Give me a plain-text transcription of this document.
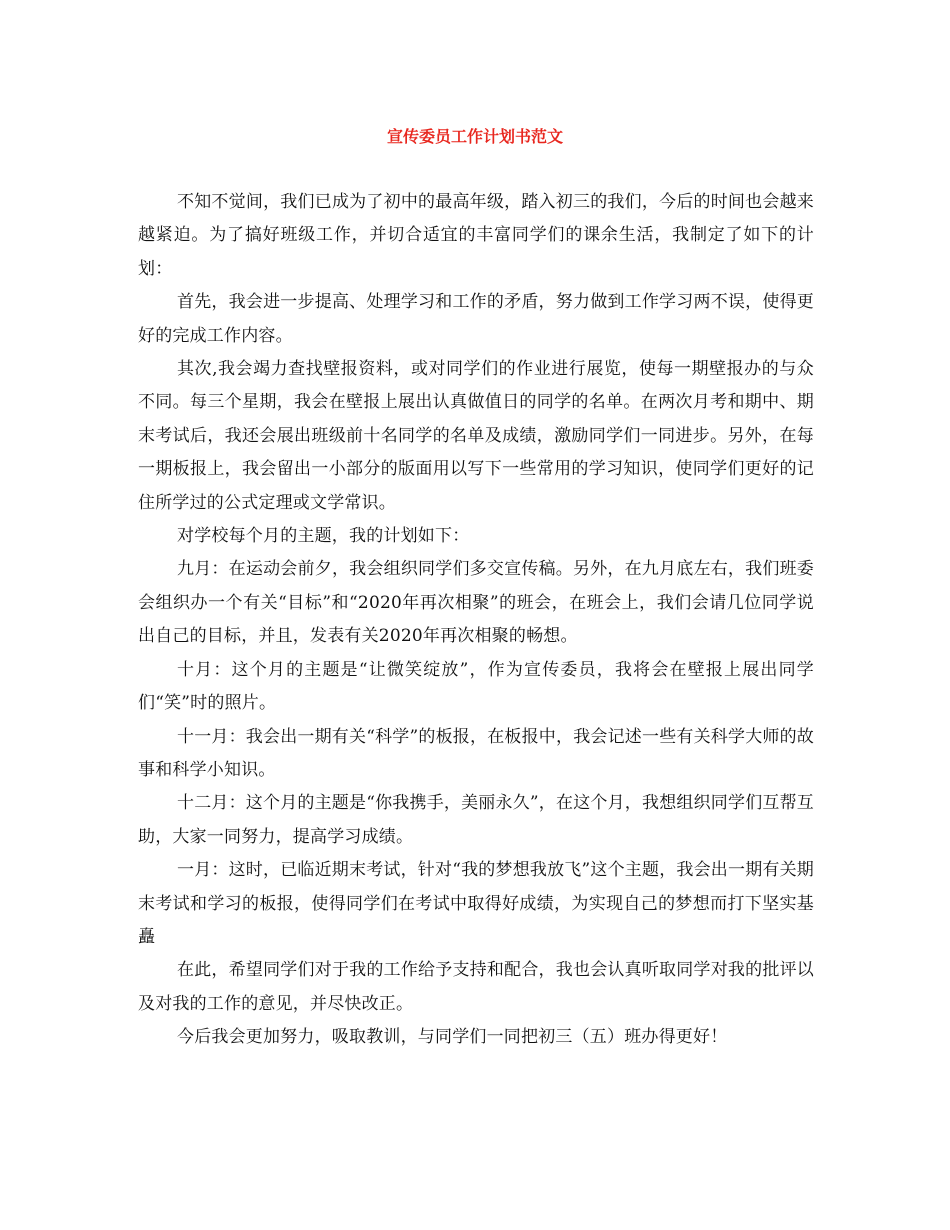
宣传委员工作计划书范文

不知不觉间，我们已成为了初中的最高年级，踏入初三的我们，今后的时间也会越来越紧迫。为了搞好班级工作，并切合适宜的丰富同学们的课余生活，我制定了如下的计划：

首先，我会进一步提高、处理学习和工作的矛盾，努力做到工作学习两不误，使得更好的完成工作内容。

其次,我会竭力查找壁报资料，或对同学们的作业进行展览，使每一期壁报办的与众不同。每三个星期，我会在壁报上展出认真做值日的同学的名单。在两次月考和期中、期末考试后，我还会展出班级前十名同学的名单及成绩，激励同学们一同进步。另外，在每一期板报上，我会留出一小部分的版面用以写下一些常用的学习知识，使同学们更好的记住所学过的公式定理或文学常识。

对学校每个月的主题，我的计划如下：

九月：在运动会前夕，我会组织同学们多交宣传稿。另外，在九月底左右，我们班委会组织办一个有关“目标”和“2020年再次相聚”的班会，在班会上，我们会请几位同学说出自己的目标，并且，发表有关2020年再次相聚的畅想。

十月：这个月的主题是“让微笑绽放”，作为宣传委员，我将会在壁报上展出同学们“笑”时的照片。

十一月：我会出一期有关“科学”的板报，在板报中，我会记述一些有关科学大师的故事和科学小知识。

十二月：这个月的主题是“你我携手，美丽永久”，在这个月，我想组织同学们互帮互助，大家一同努力，提高学习成绩。

一月：这时，已临近期末考试，针对“我的梦想我放飞”这个主题，我会出一期有关期末考试和学习的板报，使得同学们在考试中取得好成绩，为实现自己的梦想而打下坚实基矗

在此，希望同学们对于我的工作给予支持和配合，我也会认真听取同学对我的批评以及对我的工作的意见，并尽快改正。

今后我会更加努力，吸取教训，与同学们一同把初三（五）班办得更好！
